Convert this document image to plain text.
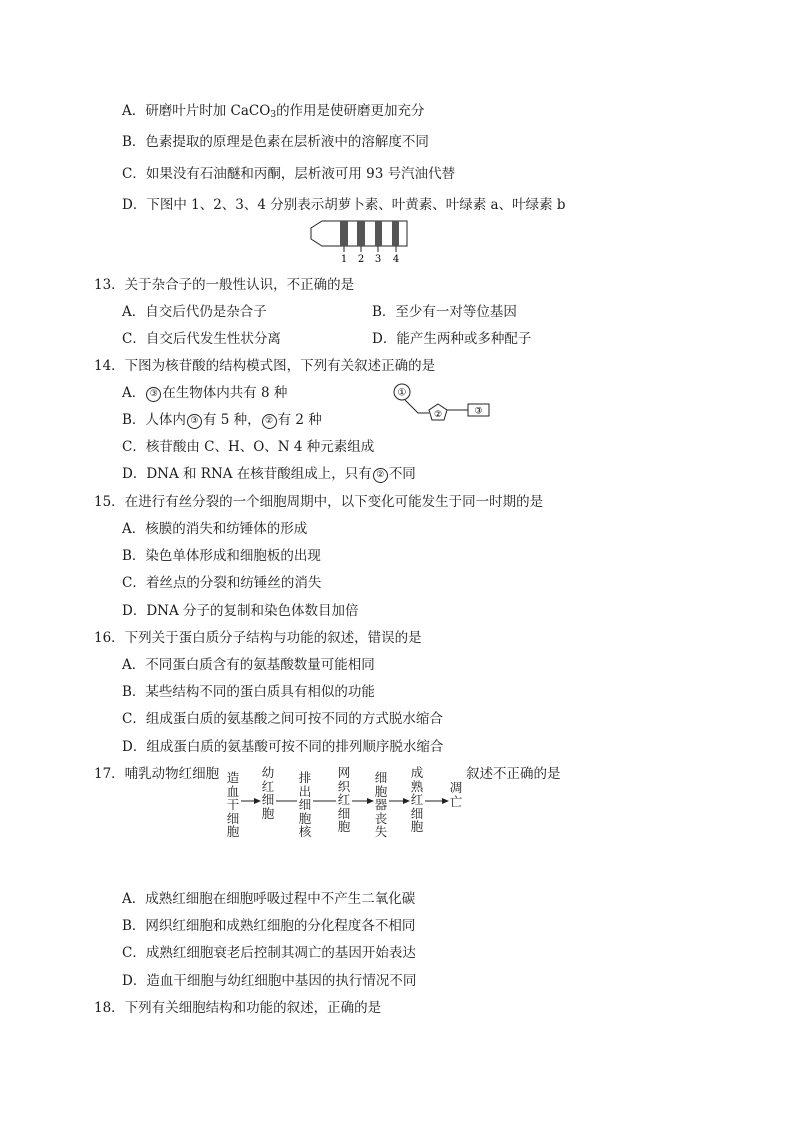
A．研磨叶片时加 CaCO$_3$的作用是使研磨更加充分
B．色素提取的原理是色素在层析液中的溶解度不同
C．如果没有石油醚和丙酮，层析液可用 93 号汽油代替
D．下图中 1、2、3、4 分别表示胡萝卜素、叶黄素、叶绿素 a、叶绿素 b
1 2 3 4
13．关于杂合子的一般性认识，不正确的是
A．自交后代仍是杂合子	B．至少有一对等位基因
C．自交后代发生性状分离	D．能产生两种或多种配子
14．下图为核苷酸的结构模式图，下列有关叙述正确的是
A． ③ 在生物体内共有 8 种
B．人体内 ③ 有 5 种， ② 有 2 种
C．核苷酸由 C、H、O、N 4 种元素组成
D．DNA 和 RNA 在核苷酸组成上，只有 ② 不同
①
②	③
15．在进行有丝分裂的一个细胞周期中，以下变化可能发生于同一时期的是
A．核膜的消失和纺锤体的形成
B．染色单体形成和细胞板的出现
C．着丝点的分裂和纺锤丝的消失
D．DNA 分子的复制和染色体数目加倍
16．下列关于蛋白质分子结构与功能的叙述，错误的是
A．不同蛋白质含有的氨基酸数量可能相同
B．某些结构不同的蛋白质具有相似的功能
C．组成蛋白质的氨基酸之间可按不同的方式脱水缩合
D．组成蛋白质的氨基酸可按不同的排列顺序脱水缩合
17．哺乳动物红细胞	叙述不正确的是
造血干细胞
幼红细胞
排出细胞核
网织红细胞
细胞器丧失
成熟红细胞
凋亡
A．成熟红细胞在细胞呼吸过程中不产生二氧化碳
B．网织红细胞和成熟红细胞的分化程度各不相同
C．成熟红细胞衰老后控制其凋亡的基因开始表达
D．造血干细胞与幼红细胞中基因的执行情况不同
18．下列有关细胞结构和功能的叙述，正确的是
